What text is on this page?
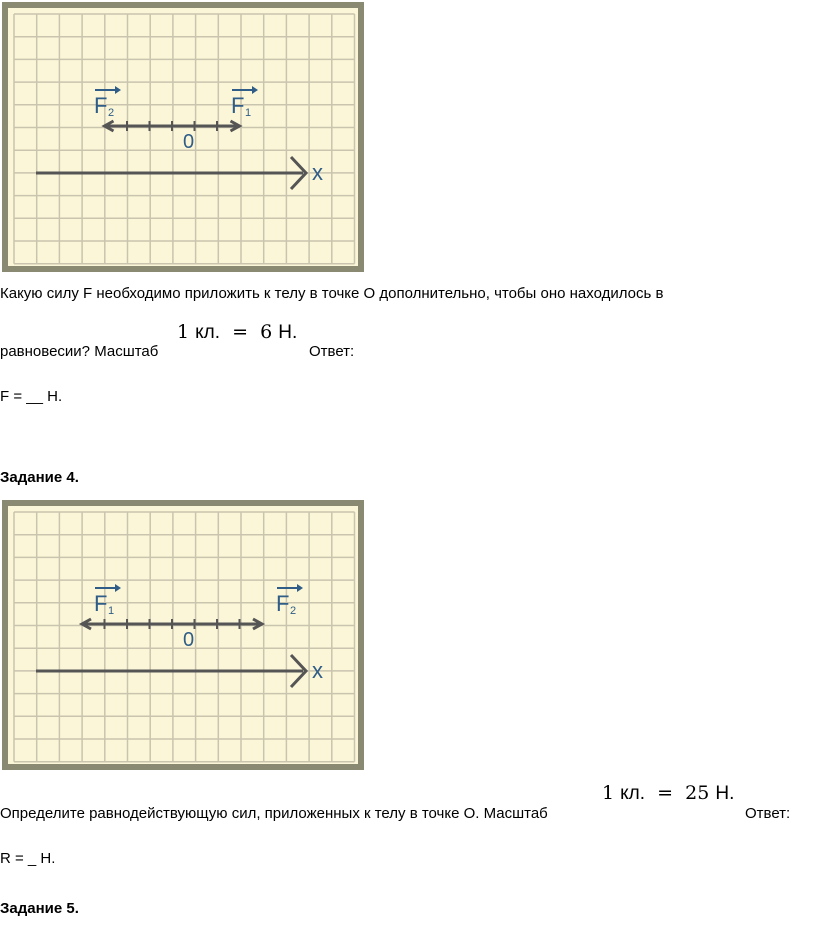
x
0
F 2	F 1
Какую силу F необходимо приложить к телу в точке О дополнительно, чтобы оно находилось в
равновесии? Масштаб
1 кл. = 6 Н.
Ответ:
F = __ Н.
Задание 4.
x
0
F 1	F 2
1 кл. = 25 Н.
Определите равнодействующую сил, приложенных к телу в точке О. Масштаб	Ответ:
R = _ Н.
Задание 5.
